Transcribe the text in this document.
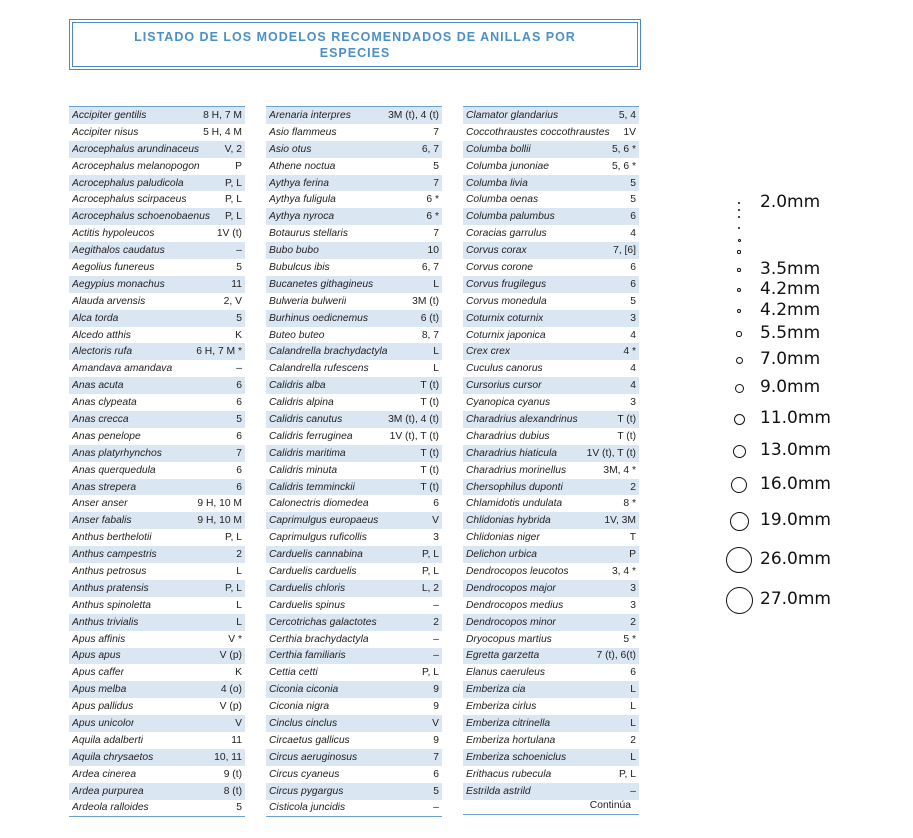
LISTADO DE LOS MODELOS RECOMENDADOS DE ANILLAS POR ESPECIES
Accipiter gentilis	8 H, 7 M
Accipiter nisus	5 H, 4 M
Acrocephalus arundinaceus V, 2
Acrocephalus melanopogon	P
Acrocephalus paludicola	P, L
Acrocephalus scirpaceus	P, L
Acrocephalus schoenobaenus P, L
Actitis hypoleucos	1V (t)
Aegithalos caudatus	–
Aegolius funereus	5
Aegypius monachus	11
Alauda arvensis	2, V
Alca torda	5
Alcedo atthis	K
Alectoris rufa	6 H, 7 M *
Amandava amandava	–
Anas acuta	6
Anas clypeata	6
Anas crecca	5
Anas penelope	6
Anas platyrhynchos	7
Anas querquedula	6
Anas strepera	6
Anser anser	9 H, 10 M
Anser fabalis	9 H, 10 M
Anthus berthelotii	P, L
Anthus campestris	2
Anthus petrosus	L
Anthus pratensis	P, L
Anthus spinoletta	L
Anthus trivialis	L
Apus affinis	V *
Apus apus	V (p)
Apus caffer	K
Apus melba	4 (o)
Apus pallidus	V (p)
Apus unicolor	V
Aquila adalberti	11
Aquila chrysaetos	10, 11
Ardea cinerea	9 (t)
Ardea purpurea	8 (t)
Ardeola ralloides	5
Arenaria interpres	3M (t), 4 (t)
Asio flammeus	7
Asio otus	6, 7
Athene noctua	5
Aythya ferina	7
Aythya fuligula	6 *
Aythya nyroca	6 *
Botaurus stellaris	7
Bubo bubo	10
Bubulcus ibis	6, 7
Bucanetes githagineus	L
Bulweria bulwerii	3M (t)
Burhinus oedicnemus	6 (t)
Buteo buteo	8, 7
Calandrella brachydactyla	L
Calandrella rufescens	L
Calidris alba	T (t)
Calidris alpina	T (t)
Calidris canutus	3M (t), 4 (t)
Calidris ferruginea	1V (t), T (t)
Calidris maritima	T (t)
Calidris minuta	T (t)
Calidris temminckii	T (t)
Calonectris diomedea	6
Caprimulgus europaeus	V
Caprimulgus ruficollis	3
Carduelis cannabina	P, L
Carduelis carduelis	P, L
Carduelis chloris	L, 2
Carduelis spinus	–
Cercotrichas galactotes	2
Certhia brachydactyla	–
Certhia familiaris	–
Cettia cetti	P, L
Ciconia ciconia	9
Ciconia nigra	9
Cinclus cinclus	V
Circaetus gallicus	9
Circus aeruginosus	7
Circus cyaneus	6
Circus pygargus	5
Cisticola juncidis	–
Clamator glandarius	5, 4
Coccothraustes coccothraustes 1V
Columba bollii	5, 6 *
Columba junoniae	5, 6 *
Columba livia	5
Columba oenas	5
Columba palumbus	6
Coracias garrulus	4
Corvus corax	7, [6]
Corvus corone	6
Corvus frugilegus	6
Corvus monedula	5
Coturnix coturnix	3
Coturnix japonica	4
Crex crex	4 *
Cuculus canorus	4
Cursorius cursor	4
Cyanopica cyanus	3
Charadrius alexandrinus	T (t)
Charadrius dubius	T (t)
Charadrius hiaticula	1V (t), T (t)
Charadrius morinellus	3M, 4 *
Chersophilus duponti	2
Chlamidotis undulata	8 *
Chlidonias hybrida	1V, 3M
Chlidonias niger	T
Delichon urbica	P
Dendrocopos leucotos	3, 4 *
Dendrocopos major	3
Dendrocopos medius	3
Dendrocopos minor	2
Dryocopus martius	5 *
Egretta garzetta	7 (t), 6(t)
Elanus caeruleus	6
Emberiza cia	L
Emberiza cirlus	L
Emberiza citrinella	L
Emberiza hortulana	2
Emberiza schoeniclus	L
Erithacus rubecula	P, L
Estrilda astrild	–
Continúa
2.0mm
3.5mm
4.2mm
4.2mm
5.5mm
7.0mm
9.0mm
11.0mm
13.0mm
16.0mm
19.0mm
26.0mm
27.0mm
